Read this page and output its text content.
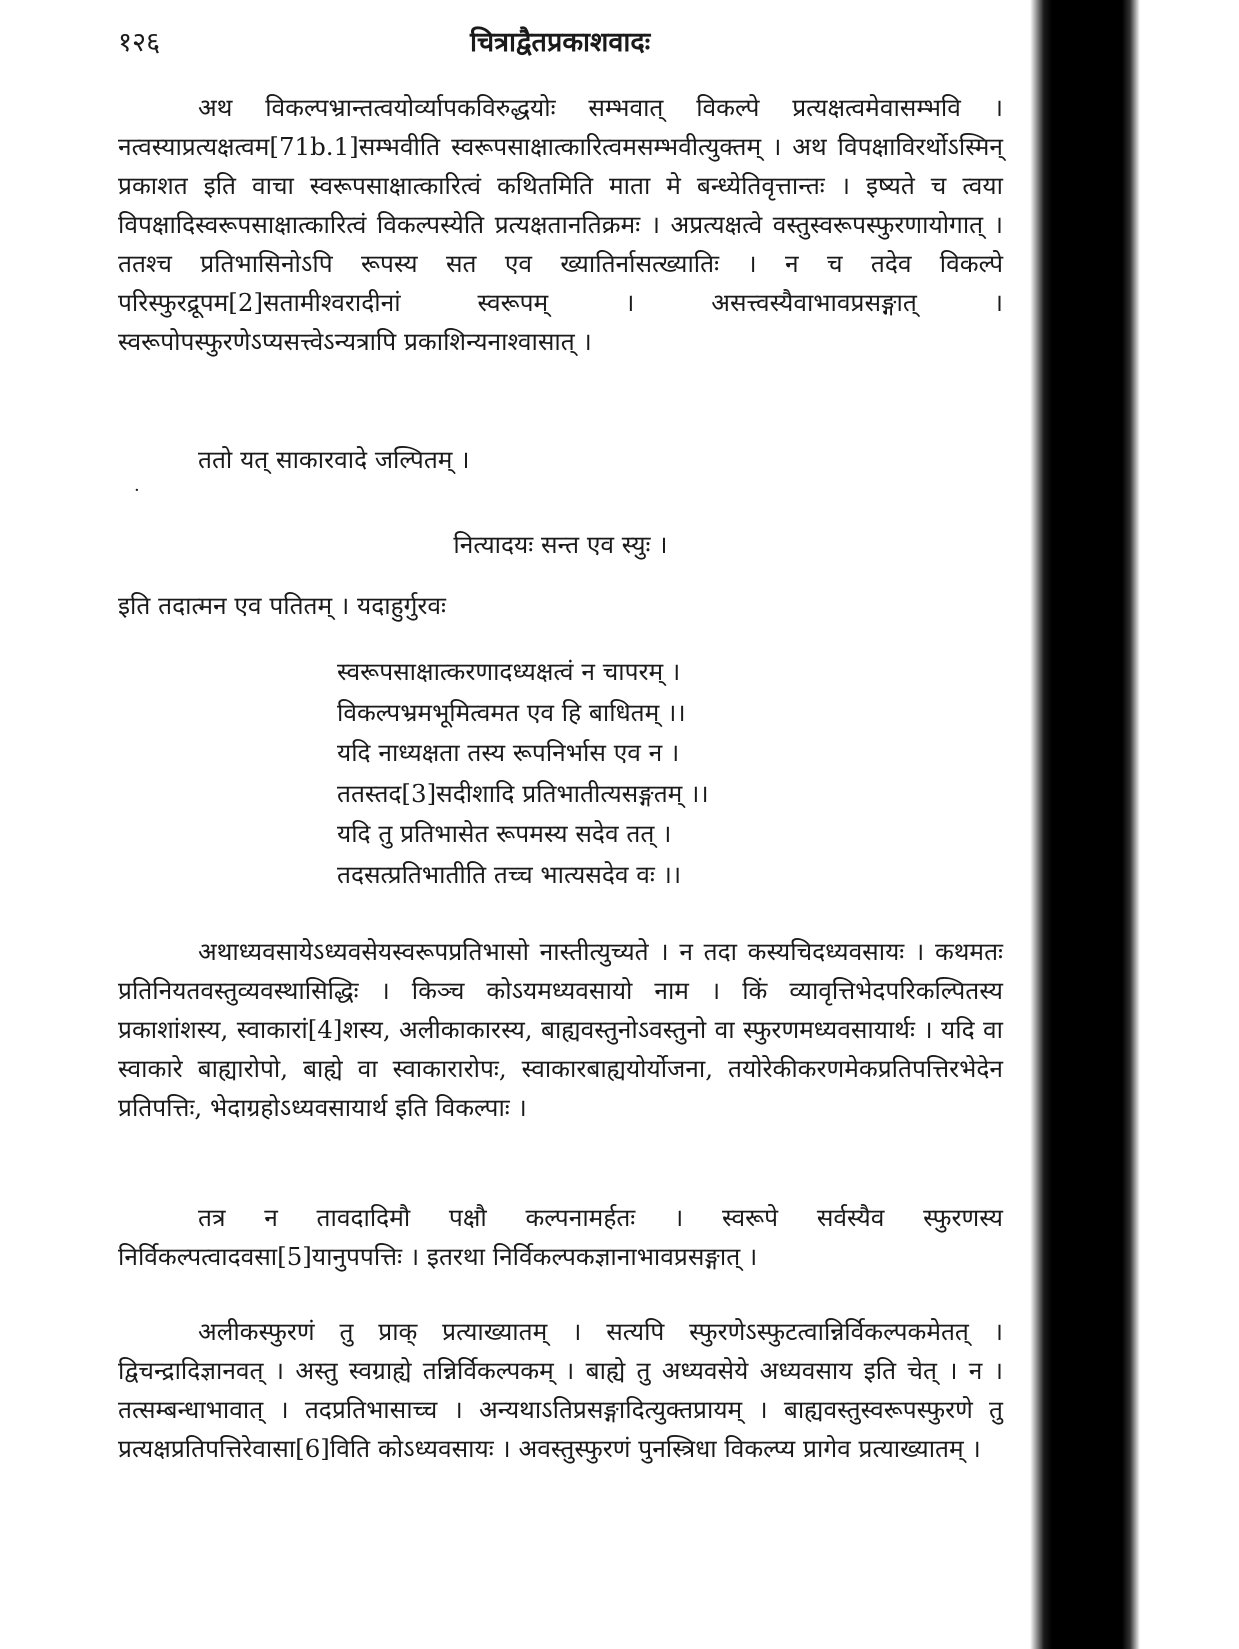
१२६	चित्राद्वैतप्रकाशवादः

अथ विकल्पभ्रान्तत्वयोर्व्यापकविरुद्धयोः सम्भवात् विकल्पे प्रत्यक्षत्वमेवासम्भवि । नत्वस्याप्रत्यक्षत्वम[71b.1]सम्भवीति स्वरूपसाक्षात्कारित्वमसम्भवीत्युक्तम् । अथ विपक्षाविरर्थोऽस्मिन् प्रकाशत इति वाचा स्वरूपसाक्षात्कारित्वं कथितमिति माता मे बन्ध्येतिवृत्तान्तः । इष्यते च त्वया विपक्षादिस्वरूपसाक्षात्कारित्वं विकल्पस्येति प्रत्यक्षतानतिक्रमः । अप्रत्यक्षत्वे वस्तुस्वरूपस्फुरणायोगात् । ततश्च प्रतिभासिनोऽपि रूपस्य सत एव ख्यातिर्नासत्ख्यातिः । न च तदेव विकल्पे परिस्फुरद्रूपम[2]सतामीश्वरादीनां स्वरूपम् । असत्त्वस्यैवाभावप्रसङ्गात् । स्वरूपोपस्फुरणेऽप्यसत्त्वेऽन्यत्रापि प्रकाशिन्यनाश्वासात् ।

ततो यत् साकारवादे जल्पितम् ।

·

नित्यादयः सन्त एव स्युः ।

इति तदात्मन एव पतितम् । यदाहुर्गुरवः

स्वरूपसाक्षात्करणादध्यक्षत्वं न चापरम् ।
विकल्पभ्रमभूमित्वमत एव हि बाधितम् ।।
यदि नाध्यक्षता तस्य रूपनिर्भास एव न ।
ततस्तद[3]सदीशादि प्रतिभातीत्यसङ्गतम् ।।
यदि तु प्रतिभासेत रूपमस्य सदेव तत् ।
तदसत्प्रतिभातीति तच्च भात्यसदेव वः ।।

अथाध्यवसायेऽध्यवसेयस्वरूपप्रतिभासो नास्तीत्युच्यते । न तदा कस्यचिदध्यवसायः । कथमतः प्रतिनियतवस्तुव्यवस्थासिद्धिः । किञ्च कोऽयमध्यवसायो नाम । किं व्यावृत्तिभेदपरिकल्पितस्य प्रकाशांशस्य, स्वाकारां[4]शस्य, अलीकाकारस्य, बाह्यवस्तुनोऽवस्तुनो वा स्फुरणमध्यवसायार्थः । यदि वा स्वाकारे बाह्यारोपो, बाह्ये वा स्वाकारारोपः, स्वाकारबाह्ययोर्योजना, तयोरेकीकरणमेकप्रतिपत्तिरभेदेन प्रतिपत्तिः, भेदाग्रहोऽध्यवसायार्थ इति विकल्पाः ।

तत्र न तावदादिमौ पक्षौ कल्पनामर्हतः । स्वरूपे सर्वस्यैव स्फुरणस्य निर्विकल्पत्वादवसा[5]यानुपपत्तिः । इतरथा निर्विकल्पकज्ञानाभावप्रसङ्गात् ।

अलीकस्फुरणं तु प्राक् प्रत्याख्यातम् । सत्यपि स्फुरणेऽस्फुटत्वान्निर्विकल्पकमेतत् । द्विचन्द्रादिज्ञानवत् । अस्तु स्वग्राह्ये तन्निर्विकल्पकम् । बाह्ये तु अध्यवसेये अध्यवसाय इति चेत् । न । तत्सम्बन्धाभावात् । तदप्रतिभासाच्च । अन्यथाऽतिप्रसङ्गादित्युक्तप्रायम् । बाह्यवस्तुस्वरूपस्फुरणे तु प्रत्यक्षप्रतिपत्तिरेवासा[6]विति कोऽध्यवसायः । अवस्तुस्फुरणं पुनस्त्रिधा विकल्प्य प्रागेव प्रत्याख्यातम् ।
